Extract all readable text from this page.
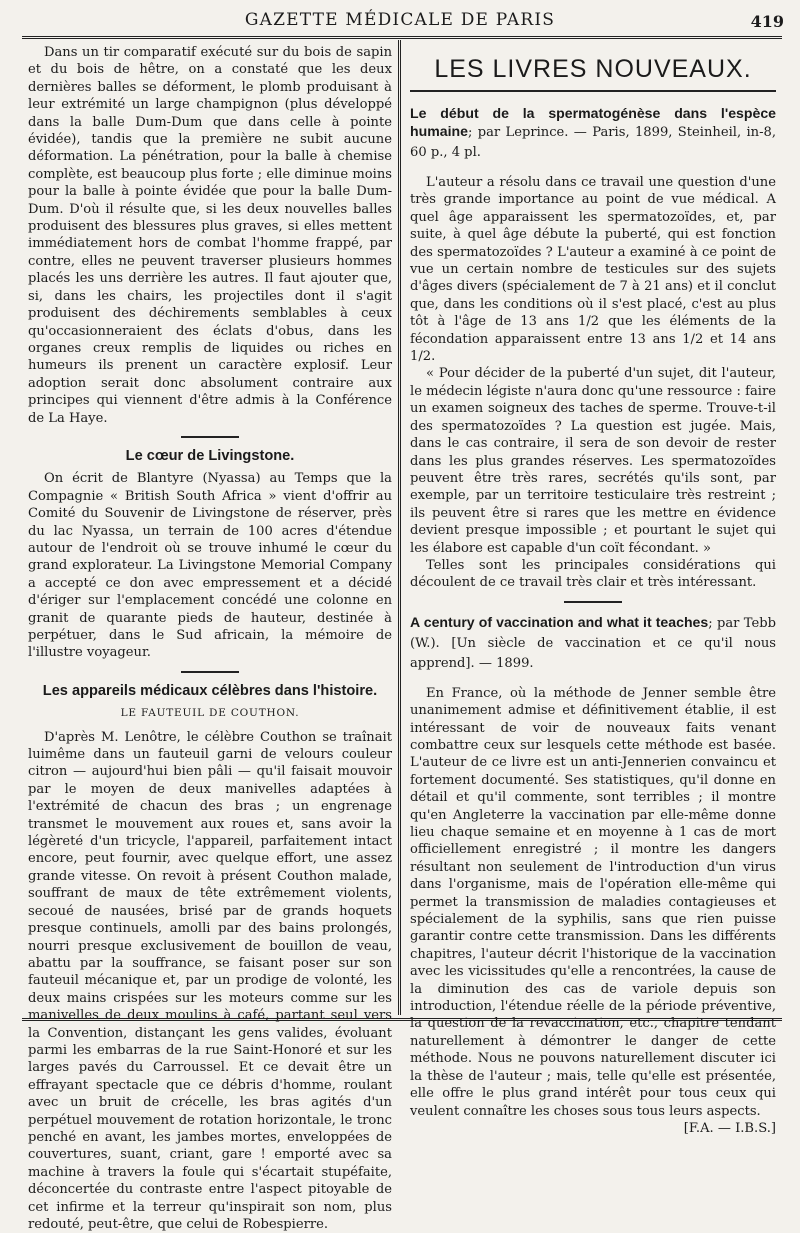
GAZETTE MÉDICALE DE PARIS	419

Dans un tir comparatif exécuté sur du bois de sapin et du bois de hêtre, on a constaté que les deux dernières balles se déforment, le plomb produisant à leur extrémité un large champignon (plus développé dans la balle Dum-Dum que dans celle à pointe évidée), tandis que la première ne subit aucune déformation. La pénétration, pour la balle à chemise complète, est beaucoup plus forte ; elle diminue moins pour la balle à pointe évidée que pour la balle Dum-Dum. D'où il résulte que, si les deux nouvelles balles produisent des blessures plus graves, si elles mettent immédiatement hors de combat l'homme frappé, par contre, elles ne peuvent traverser plusieurs hommes placés les uns derrière les autres. Il faut ajouter que, si, dans les chairs, les projectiles dont il s'agit produisent des déchirements semblables à ceux qu'occasionneraient des éclats d'obus, dans les organes creux remplis de liquides ou riches en humeurs ils prenent un caractère explosif. Leur adoption serait donc absolument contraire aux principes qui viennent d'être admis à la Conférence de La Haye.

Le cœur de Livingstone.

On écrit de Blantyre (Nyassa) au Temps que la Compagnie « British South Africa » vient d'offrir au Comité du Souvenir de Livingstone de réserver, près du lac Nyassa, un terrain de 100 acres d'étendue autour de l'endroit où se trouve inhumé le cœur du grand explorateur. La Livingstone Memorial Company a accepté ce don avec empressement et a décidé d'ériger sur l'emplacement concédé une colonne en granit de quarante pieds de hauteur, destinée à perpétuer, dans le Sud africain, la mémoire de l'illustre voyageur.

Les appareils médicaux célèbres dans l'histoire.
LE FAUTEUIL DE COUTHON.

D'après M. Lenôtre, le célèbre Couthon se traînait luimême dans un fauteuil garni de velours couleur citron — aujourd'hui bien pâli — qu'il faisait mouvoir par le moyen de deux manivelles adaptées à l'extrémité de chacun des bras ; un engrenage transmet le mouvement aux roues et, sans avoir la légèreté d'un tricycle, l'appareil, parfaitement intact encore, peut fournir, avec quelque effort, une assez grande vitesse. On revoit à présent Couthon malade, souffrant de maux de tête extrêmement violents, secoué de nausées, brisé par de grands hoquets presque continuels, amolli par des bains prolongés, nourri presque exclusivement de bouillon de veau, abattu par la souffrance, se faisant poser sur son fauteuil mécanique et, par un prodige de volonté, les deux mains crispées sur les moteurs comme sur les manivelles de deux moulins à café, partant seul vers la Convention, distançant les gens valides, évoluant parmi les embarras de la rue Saint-Honoré et sur les larges pavés du Carroussel. Et ce devait être un effrayant spectacle que ce débris d'homme, roulant avec un bruit de crécelle, les bras agités d'un perpétuel mouvement de rotation horizontale, le tronc penché en avant, les jambes mortes, enveloppées de couvertures, suant, criant, gare ! emporté avec sa machine à travers la foule qui s'écartait stupéfaite, déconcertée du contraste entre l'aspect pitoyable de cet infirme et la terreur qu'inspirait son nom, plus redouté, peut-être, que celui de Robespierre.

LES LIVRES NOUVEAUX.

Le début de la spermatogénèse dans l'espèce humaine; par Leprince. — Paris, 1899, Steinheil, in-8, 60 p., 4 pl.

L'auteur a résolu dans ce travail une question d'une très grande importance au point de vue médical. A quel âge apparaissent les spermatozoïdes, et, par suite, à quel âge débute la puberté, qui est fonction des spermatozoïdes ? L'auteur a examiné à ce point de vue un certain nombre de testicules sur des sujets d'âges divers (spécialement de 7 à 21 ans) et il conclut que, dans les conditions où il s'est placé, c'est au plus tôt à l'âge de 13 ans 1/2 que les éléments de la fécondation apparaissent entre 13 ans 1/2 et 14 ans 1/2.

« Pour décider de la puberté d'un sujet, dit l'auteur, le médecin légiste n'aura donc qu'une ressource : faire un examen soigneux des taches de sperme. Trouve-t-il des spermatozoïdes ? La question est jugée. Mais, dans le cas contraire, il sera de son devoir de rester dans les plus grandes réserves. Les spermatozoïdes peuvent être très rares, secrétés qu'ils sont, par exemple, par un territoire testiculaire très restreint ; ils peuvent être si rares que les mettre en évidence devient presque impossible ; et pourtant le sujet qui les élabore est capable d'un coït fécondant. »

Telles sont les principales considérations qui découlent de ce travail très clair et très intéressant.

A century of vaccination and what it teaches; par Tebb (W.). [Un siècle de vaccination et ce qu'il nous apprend]. — 1899.

En France, où la méthode de Jenner semble être unanimement admise et définitivement établie, il est intéressant de voir de nouveaux faits venant combattre ceux sur lesquels cette méthode est basée. L'auteur de ce livre est un anti-Jennerien convaincu et fortement documenté. Ses statistiques, qu'il donne en détail et qu'il commente, sont terribles ; il montre qu'en Angleterre la vaccination par elle-même donne lieu chaque semaine et en moyenne à 1 cas de mort officiellement enregistré ; il montre les dangers résultant non seulement de l'introduction d'un virus dans l'organisme, mais de l'opération elle-même qui permet la transmission de maladies contagieuses et spécialement de la syphilis, sans que rien puisse garantir contre cette transmission. Dans les différents chapitres, l'auteur décrit l'historique de la vaccination avec les vicissitudes qu'elle a rencontrées, la cause de la diminution des cas de variole depuis son introduction, l'étendue réelle de la période préventive, la question de la revaccination, etc., chapitre tendant naturellement à démontrer le danger de cette méthode. Nous ne pouvons naturellement discuter ici la thèse de l'auteur ; mais, telle qu'elle est présentée, elle offre le plus grand intérêt pour tous ceux qui veulent connaître les choses sous tous leurs aspects.

[F.A. — I.B.S.]
